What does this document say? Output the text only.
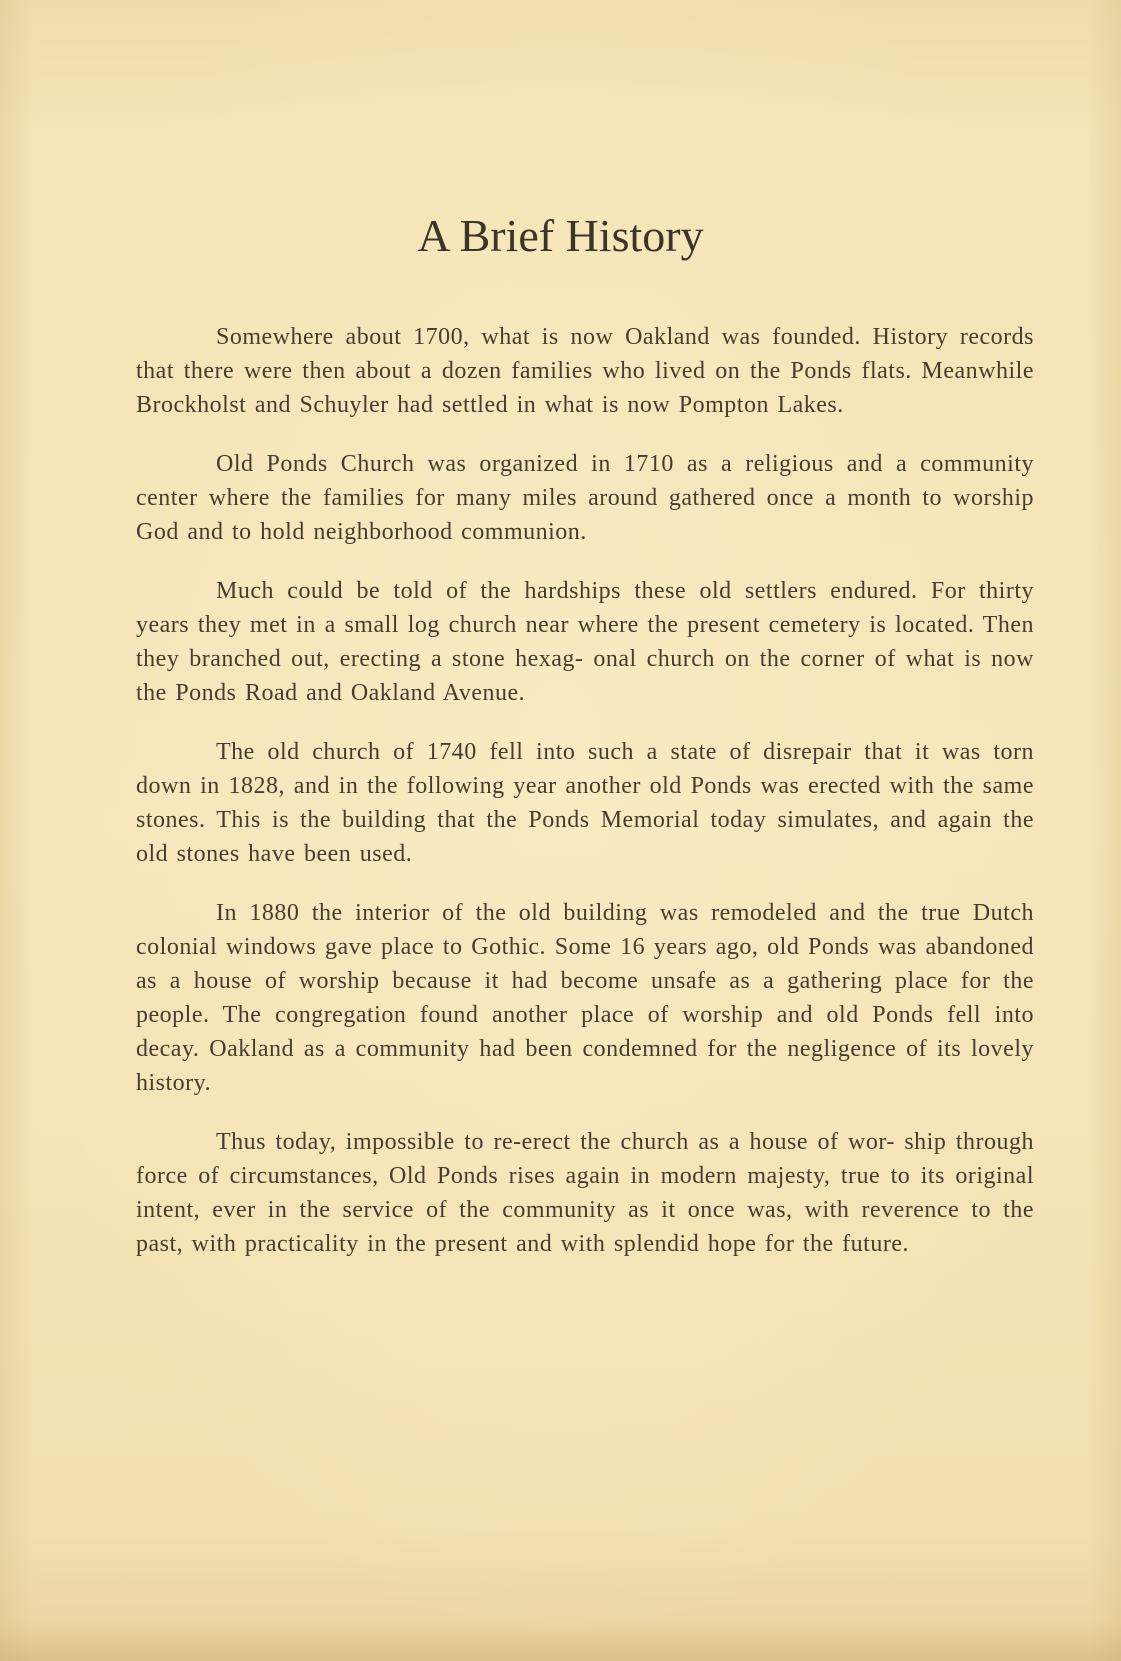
A Brief History

Somewhere about 1700, what is now Oakland was founded. History records that there were then about a dozen families who lived on the Ponds flats. Meanwhile Brockholst and Schuyler had settled in what is now Pompton Lakes.

Old Ponds Church was organized in 1710 as a religious and a community center where the families for many miles around gathered once a month to worship God and to hold neighborhood communion.

Much could be told of the hardships these old settlers endured. For thirty years they met in a small log church near where the present cemetery is located. Then they branched out, erecting a stone hexag- onal church on the corner of what is now the Ponds Road and Oakland Avenue.

The old church of 1740 fell into such a state of disrepair that it was torn down in 1828, and in the following year another old Ponds was erected with the same stones. This is the building that the Ponds Memorial today simulates, and again the old stones have been used.

In 1880 the interior of the old building was remodeled and the true Dutch colonial windows gave place to Gothic. Some 16 years ago, old Ponds was abandoned as a house of worship because it had become unsafe as a gathering place for the people. The congregation found another place of worship and old Ponds fell into decay. Oakland as a community had been condemned for the negligence of its lovely history.

Thus today, impossible to re-erect the church as a house of wor- ship through force of circumstances, Old Ponds rises again in modern majesty, true to its original intent, ever in the service of the community as it once was, with reverence to the past, with practicality in the present and with splendid hope for the future.
